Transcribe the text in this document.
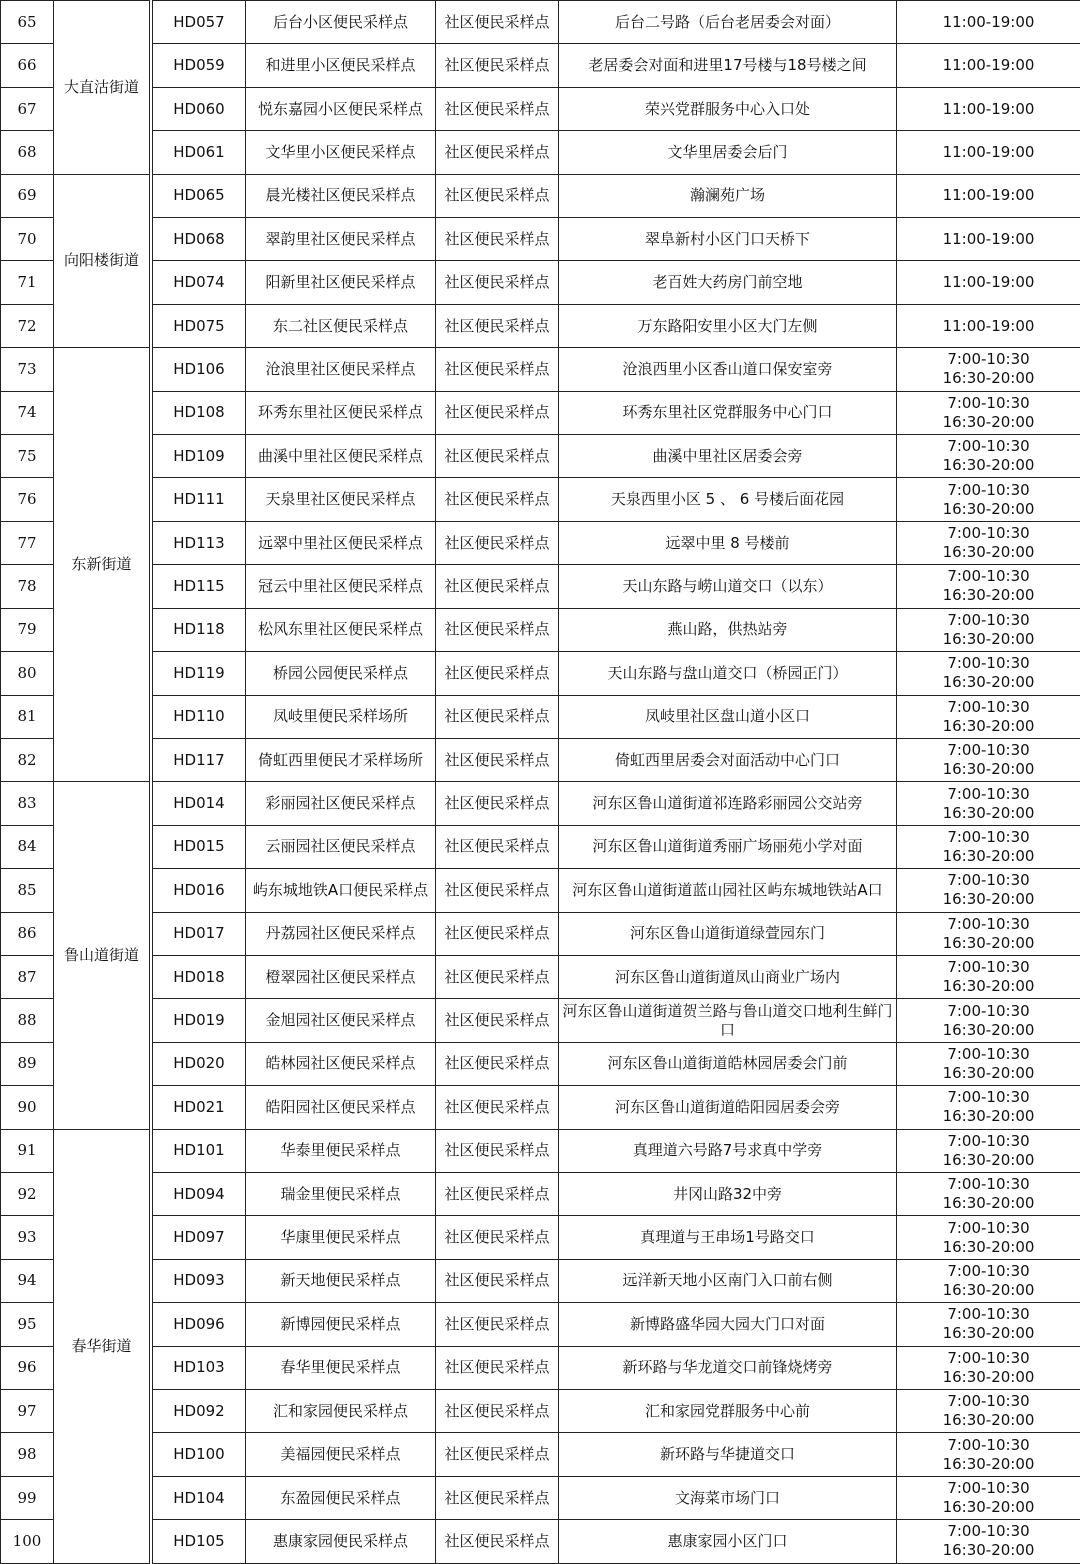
65	大直沽街道		HD057	后台小区便民采样点	社区便民采样点	后台二号路（后台老居委会对面）	11:00-19:00

66			HD059	和进里小区便民采样点	社区便民采样点	老居委会对面和进里17号楼与18号楼之间	11:00-19:00

67			HD060	悦东嘉园小区便民采样点	社区便民采样点	荣兴党群服务中心入口处	11:00-19:00

68			HD061	文华里小区便民采样点	社区便民采样点	文华里居委会后门	11:00-19:00

69	向阳楼街道		HD065	晨光楼社区便民采样点	社区便民采样点	瀚澜苑广场	11:00-19:00

70			HD068	翠韵里社区便民采样点	社区便民采样点	翠阜新村小区门口天桥下	11:00-19:00

71			HD074	阳新里社区便民采样点	社区便民采样点	老百姓大药房门前空地	11:00-19:00

72			HD075	东二社区便民采样点	社区便民采样点	万东路阳安里小区大门左侧	11:00-19:00

73	东新街道		HD106	沧浪里社区便民采样点	社区便民采样点	沧浪西里小区香山道口保安室旁	7:00-10:30
16:30-20:00

74			HD108	环秀东里社区便民采样点	社区便民采样点	环秀东里社区党群服务中心门口	7:00-10:30
16:30-20:00

75			HD109	曲溪中里社区便民采样点	社区便民采样点	曲溪中里社区居委会旁	7:00-10:30
16:30-20:00

76			HD111	天泉里社区便民采样点	社区便民采样点	天泉西里小区 5 、 6 号楼后面花园	7:00-10:30
16:30-20:00

77			HD113	远翠中里社区便民采样点	社区便民采样点	远翠中里 8 号楼前	7:00-10:30
16:30-20:00

78			HD115	冠云中里社区便民采样点	社区便民采样点	天山东路与崂山道交口（以东）	7:00-10:30
16:30-20:00

79			HD118	松风东里社区便民采样点	社区便民采样点	燕山路，供热站旁	7:00-10:30
16:30-20:00

80			HD119	桥园公园便民采样点	社区便民采样点	天山东路与盘山道交口（桥园正门）	7:00-10:30
16:30-20:00

81			HD110	凤岐里便民采样场所	社区便民采样点	凤岐里社区盘山道小区口	7:00-10:30
16:30-20:00

82			HD117	倚虹西里便民才采样场所	社区便民采样点	倚虹西里居委会对面活动中心门口	7:00-10:30
16:30-20:00

83	鲁山道街道		HD014	彩丽园社区便民采样点	社区便民采样点	河东区鲁山道街道祁连路彩丽园公交站旁	7:00-10:30
16:30-20:00

84			HD015	云丽园社区便民采样点	社区便民采样点	河东区鲁山道街道秀丽广场丽苑小学对面	7:00-10:30
16:30-20:00

85			HD016	屿东城地铁A口便民采样点	社区便民采样点	河东区鲁山道街道蓝山园社区屿东城地铁站A口	7:00-10:30
16:30-20:00

86			HD017	丹荔园社区便民采样点	社区便民采样点	河东区鲁山道街道绿萱园东门	7:00-10:30
16:30-20:00

87			HD018	橙翠园社区便民采样点	社区便民采样点	河东区鲁山道街道凤山商业广场内	7:00-10:30
16:30-20:00

88			HD019	金旭园社区便民采样点	社区便民采样点	河东区鲁山道街道贺兰路与鲁山道交口地利生鲜门口	7:00-10:30
16:30-20:00

89			HD020	皓林园社区便民采样点	社区便民采样点	河东区鲁山道街道皓林园居委会门前	7:00-10:30
16:30-20:00

90			HD021	皓阳园社区便民采样点	社区便民采样点	河东区鲁山道街道皓阳园居委会旁	7:00-10:30
16:30-20:00

91	春华街道		HD101	华泰里便民采样点	社区便民采样点	真理道六号路7号求真中学旁	7:00-10:30
16:30-20:00

92			HD094	瑞金里便民采样点	社区便民采样点	井冈山路32中旁	7:00-10:30
16:30-20:00

93			HD097	华康里便民采样点	社区便民采样点	真理道与王串场1号路交口	7:00-10:30
16:30-20:00

94			HD093	新天地便民采样点	社区便民采样点	远洋新天地小区南门入口前右侧	7:00-10:30
16:30-20:00

95			HD096	新博园便民采样点	社区便民采样点	新博路盛华园大园大门口对面	7:00-10:30
16:30-20:00

96			HD103	春华里便民采样点	社区便民采样点	新环路与华龙道交口前锋烧烤旁	7:00-10:30
16:30-20:00

97			HD092	汇和家园便民采样点	社区便民采样点	汇和家园党群服务中心前	7:00-10:30
16:30-20:00

98			HD100	美福园便民采样点	社区便民采样点	新环路与华捷道交口	7:00-10:30
16:30-20:00

99			HD104	东盈园便民采样点	社区便民采样点	文海菜市场门口	7:00-10:30
16:30-20:00

100			HD105	惠康家园便民采样点	社区便民采样点	惠康家园小区门口	7:00-10:30
16:30-20:00
